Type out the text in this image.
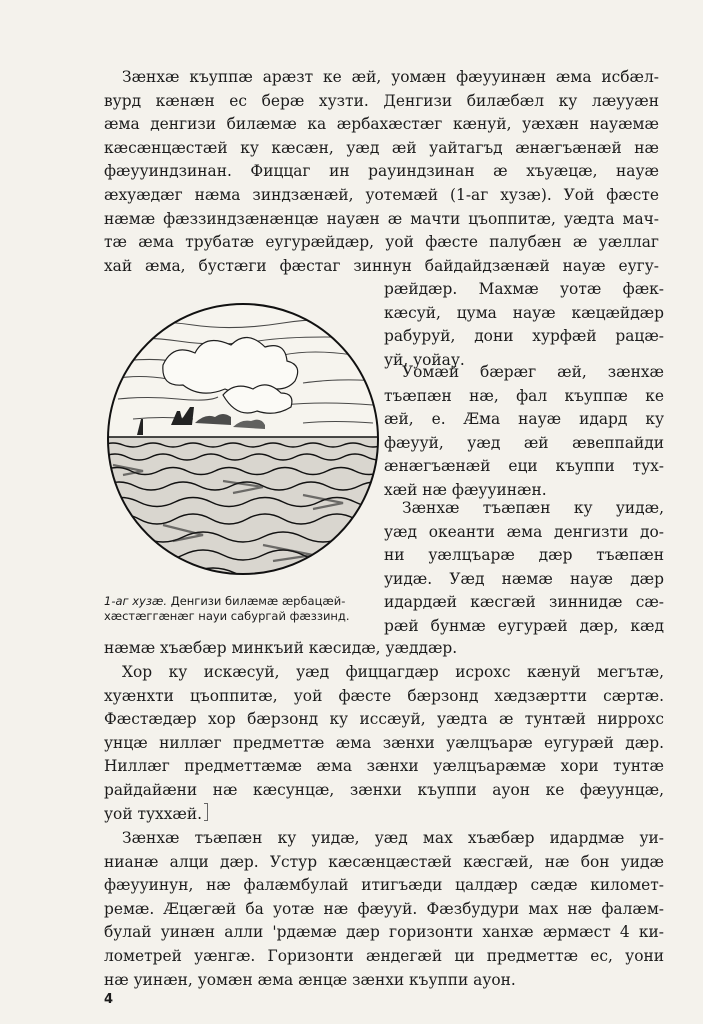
Зæнхæ къуппæ арæзт ке æй, уомæн фæууинæн æма исбæл-
вурд кæнæн ес берæ хузти. Денгизи билæбæл ку лæууæн
æма денгизи билæмæ ка æрбахæстæг кæнуй, уæхæн науæмæ
кæсæнцæстæй ку кæсæн, уæд æй уайтагъд æнæгъæнæй нæ
фæууиндзинан. Фиццаг ин рауиндзинан æ хъуæцæ, науæ
æхуæдæг нæма зиндзæнæй, уотемæй (1-аг хузæ). Уой фæсте
нæмæ фæззиндзæнæнцæ науæн æ мачти цъоппитæ, уæдта мач-
тæ æма трубатæ еугурæйдæр, уой фæсте палубæн æ уæллаг
хай æма, бустæги фæстаг зиннун байдайдзæнæй науæ еугу-

рæйдæр. Махмæ уотæ фæк-
кæсуй, цума науæ кæцæйдæр
рабуруй, дони хурфæй рацæ-
уй, уойау.

Уомæй бæрæг æй, зæнхæ
тъæпæн нæ, фал къуппæ ке
æй, е. Æма науæ идард ку
фæууй, уæд æй æвеппайди
æнæгъæнæй еци къуппи тух-
хæй нæ фæууинæн.

Зæнхæ тъæпæн ку уидæ,
уæд океанти æма денгизти до-
ни уæлцъарæ дæр тъæпæн
уидæ. Уæд нæмæ науæ дæр
идардæй кæсгæй зиннидæ сæ-
рæй бунмæ еугурæй дæр, кæд

1-аг хузæ. Денгизи билæмæ æрбацæй-хæстæггæнæг науи сабургай фæззинд.

нæмæ хъæбæр минкъий кæсидæ, уæддæр.

Хор ку искæсуй, уæд фиццагдæр исрохс кæнуй мегътæ,
хуæнхти цъоппитæ, уой фæсте бæрзонд хæдзæртти сæртæ.
Фæстæдæр хор бæрзонд ку иссæуй, уæдта æ тунтæй ниррохс
унцæ ниллæг предметтæ æма зæнхи уæлцъарæ еугурæй дæр.
Ниллæг предметтæмæ æма зæнхи уæлцъарæмæ хори тунтæ
райдайæни нæ кæсунцæ, зæнхи къуппи ауон ке фæуунцæ,
уой туххæй.

Зæнхæ тъæпæн ку уидæ, уæд мах хъæбæр идардмæ уи-
нианæ алци дæр. Устур кæсæнцæстæй кæсгæй, нæ бон уидæ
фæууинун, нæ фалæмбулай итигъæди цалдæр сæдæ километ-
ремæ. Æцæгæй ба уотæ нæ фæууй. Фæзбудури мах нæ фалæм-
булай уинæн алли 'рдæмæ дæр горизонти ханхæ æрмæст 4 ки-
лометрей уæнгæ. Горизонти æндегæй ци предметтæ ес, уони
нæ уинæн, уомæн æма æнцæ зæнхи къуппи ауон.

4
